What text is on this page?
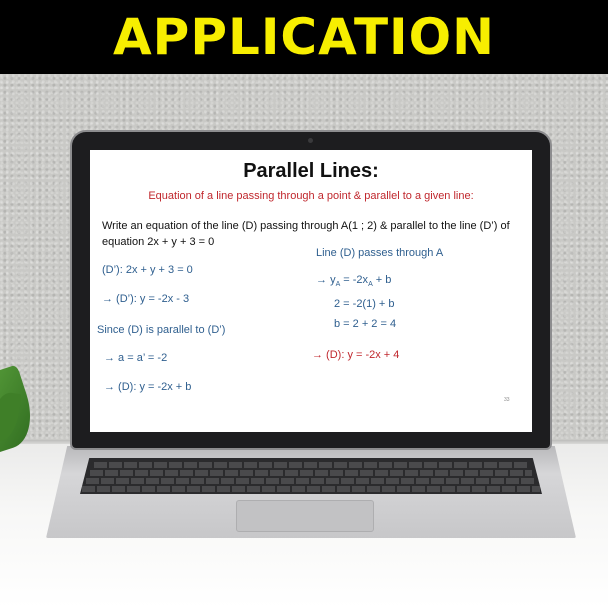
APPLICATION
Parallel Lines:
Equation of a line passing through a point & parallel to a given line:
Write an equation of the line (D) passing through A(1 ; 2) & parallel to the line (D’) of equation 2x + y + 3 = 0
(D’): 2x + y + 3 = 0
→ (D’): y = -2x - 3
Since (D) is parallel to (D’)
→ a = a’ = -2
→ (D): y = -2x + b
Line (D) passes through A
→ $y_A = -2x_A + b$
2 = -2(1) + b
b = 2 + 2 = 4
→ (D): y = -2x + 4
33
